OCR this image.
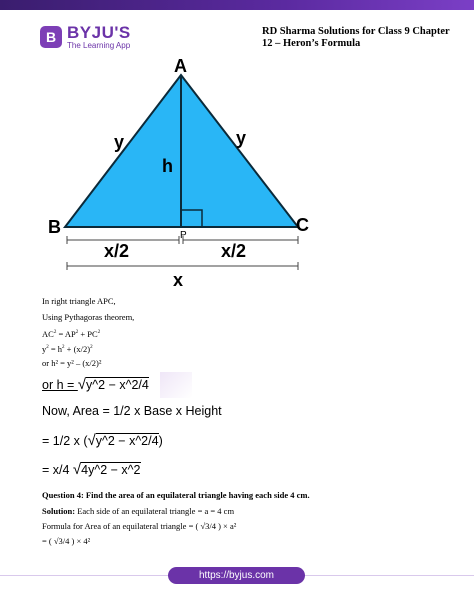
B BYJU'S
The Learning App
RD Sharma Solutions for Class 9 Chapter 12 – Heron’s Formula
A
B	C
P
y	y
h
x/2	x/2
x
In right triangle APC,
Using Pythagoras theorem,
$AC^2 = AP^2 + PC^2$
$y^2 = h^2 + (x/2)^2$
or h² = y² – (x/2)²
or h = √y^2 − x^2/4
Now, Area = 1/2 x Base x Height
= 1/2 x (√y^2 − x^2/4)
= x/4 √4y^2 − x^2
Question 4: Find the area of an equilateral triangle having each side 4 cm.
Solution: Each side of an equilateral triangle = a = 4 cm
Formula for Area of an equilateral triangle = ( √3/4 ) × a²
= ( √3/4 ) × 4²
https://byjus.com
